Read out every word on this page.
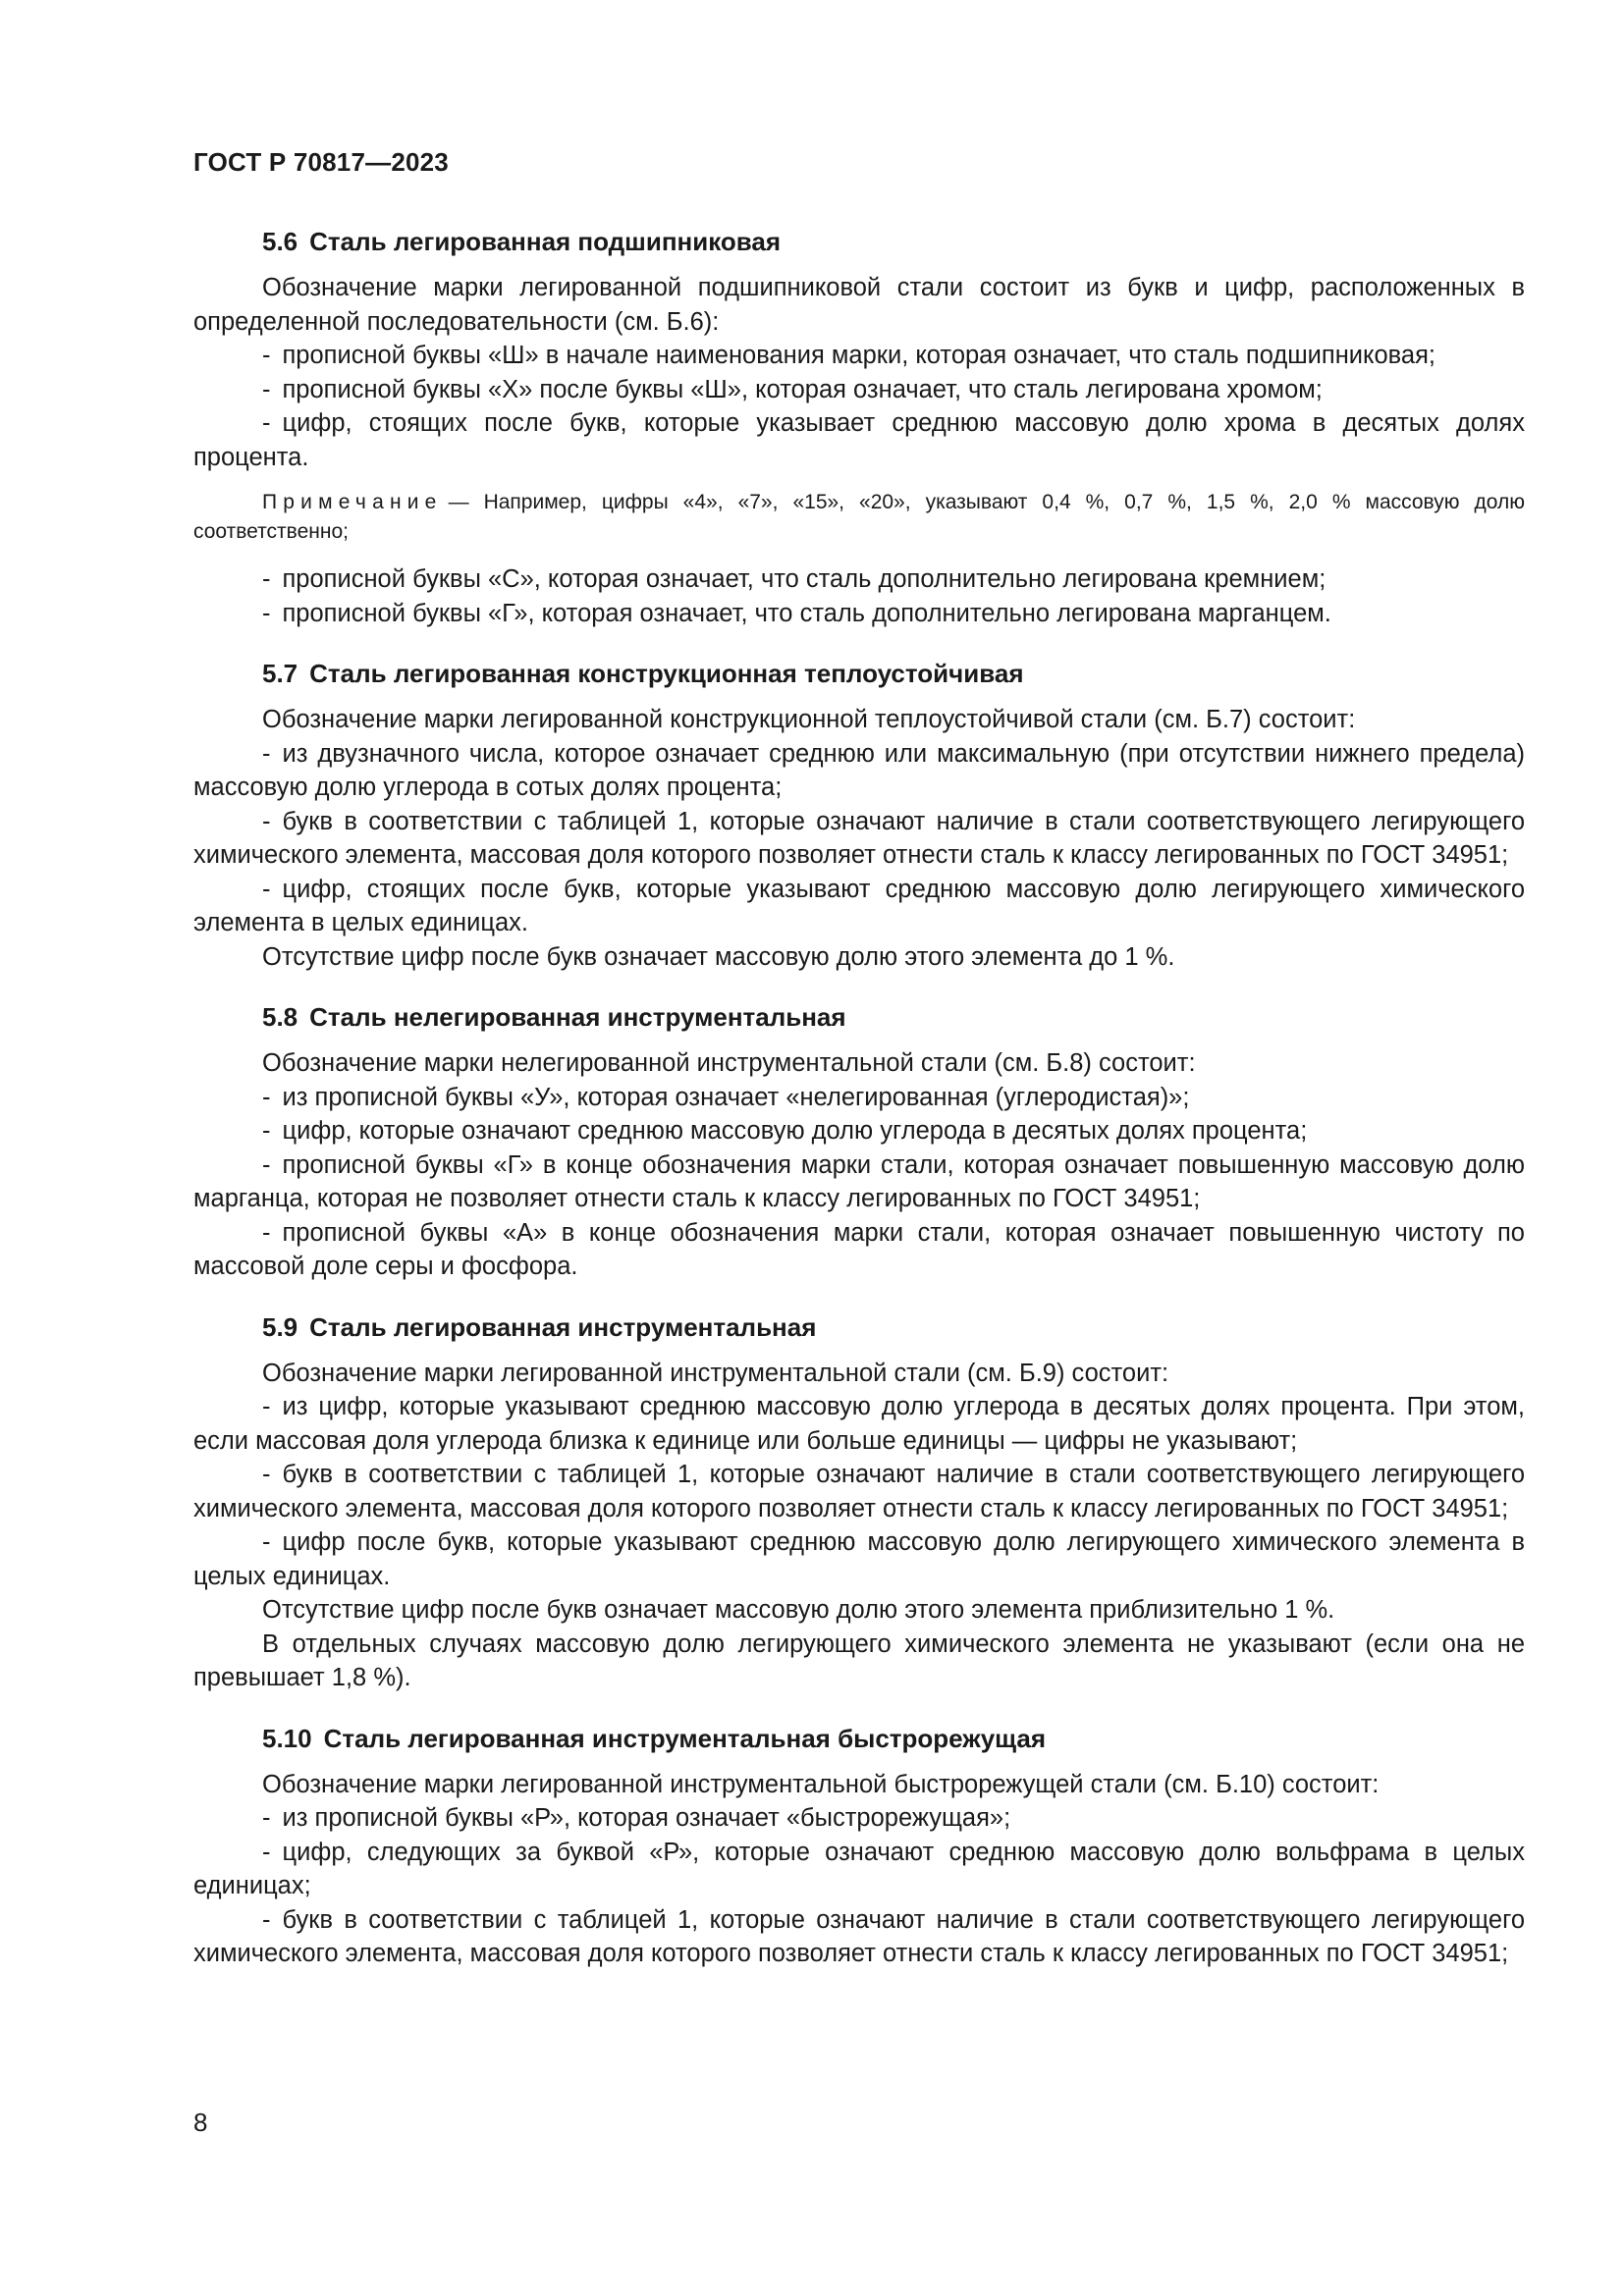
ГОСТ Р 70817—2023
5.6 Сталь легированная подшипниковая

Обозначение марки легированной подшипниковой стали состоит из букв и цифр, расположенных в определенной последовательности (см. Б.6):

- прописной буквы «Ш» в начале наименования марки, которая означает, что сталь подшипниковая;

- прописной буквы «Х» после буквы «Ш», которая означает, что сталь легирована хромом;

- цифр, стоящих после букв, которые указывает среднюю массовую долю хрома в десятых долях процента.

Примечание — Например, цифры «4», «7», «15», «20», указывают 0,4 %, 0,7 %, 1,5 %, 2,0 % массовую долю соответственно;

- прописной буквы «С», которая означает, что сталь дополнительно легирована кремнием;

- прописной буквы «Г», которая означает, что сталь дополнительно легирована марганцем.

5.7 Сталь легированная конструкционная теплоустойчивая

Обозначение марки легированной конструкционной теплоустойчивой стали (см. Б.7) состоит:

- из двузначного числа, которое означает среднюю или максимальную (при отсутствии нижнего предела) массовую долю углерода в сотых долях процента;

- букв в соответствии с таблицей 1, которые означают наличие в стали соответствующего легирующего химического элемента, массовая доля которого позволяет отнести сталь к классу легированных по ГОСТ 34951;

- цифр, стоящих после букв, которые указывают среднюю массовую долю легирующего химического элемента в целых единицах.

Отсутствие цифр после букв означает массовую долю этого элемента до 1 %.

5.8 Сталь нелегированная инструментальная

Обозначение марки нелегированной инструментальной стали (см. Б.8) состоит:

- из прописной буквы «У», которая означает «нелегированная (углеродистая)»;

- цифр, которые означают среднюю массовую долю углерода в десятых долях процента;

- прописной буквы «Г» в конце обозначения марки стали, которая означает повышенную массовую долю марганца, которая не позволяет отнести сталь к классу легированных по ГОСТ 34951;

- прописной буквы «А» в конце обозначения марки стали, которая означает повышенную чистоту по массовой доле серы и фосфора.

5.9 Сталь легированная инструментальная

Обозначение марки легированной инструментальной стали (см. Б.9) состоит:

- из цифр, которые указывают среднюю массовую долю углерода в десятых долях процента. При этом, если массовая доля углерода близка к единице или больше единицы — цифры не указывают;

- букв в соответствии с таблицей 1, которые означают наличие в стали соответствующего легирующего химического элемента, массовая доля которого позволяет отнести сталь к классу легированных по ГОСТ 34951;

- цифр после букв, которые указывают среднюю массовую долю легирующего химического элемента в целых единицах.

Отсутствие цифр после букв означает массовую долю этого элемента приблизительно 1 %.

В отдельных случаях массовую долю легирующего химического элемента не указывают (если она не превышает 1,8 %).

5.10 Сталь легированная инструментальная быстрорежущая

Обозначение марки легированной инструментальной быстрорежущей стали (см. Б.10) состоит:

- из прописной буквы «Р», которая означает «быстрорежущая»;

- цифр, следующих за буквой «Р», которые означают среднюю массовую долю вольфрама в целых единицах;

- букв в соответствии с таблицей 1, которые означают наличие в стали соответствующего легирующего химического элемента, массовая доля которого позволяет отнести сталь к классу легированных по ГОСТ 34951;

8
